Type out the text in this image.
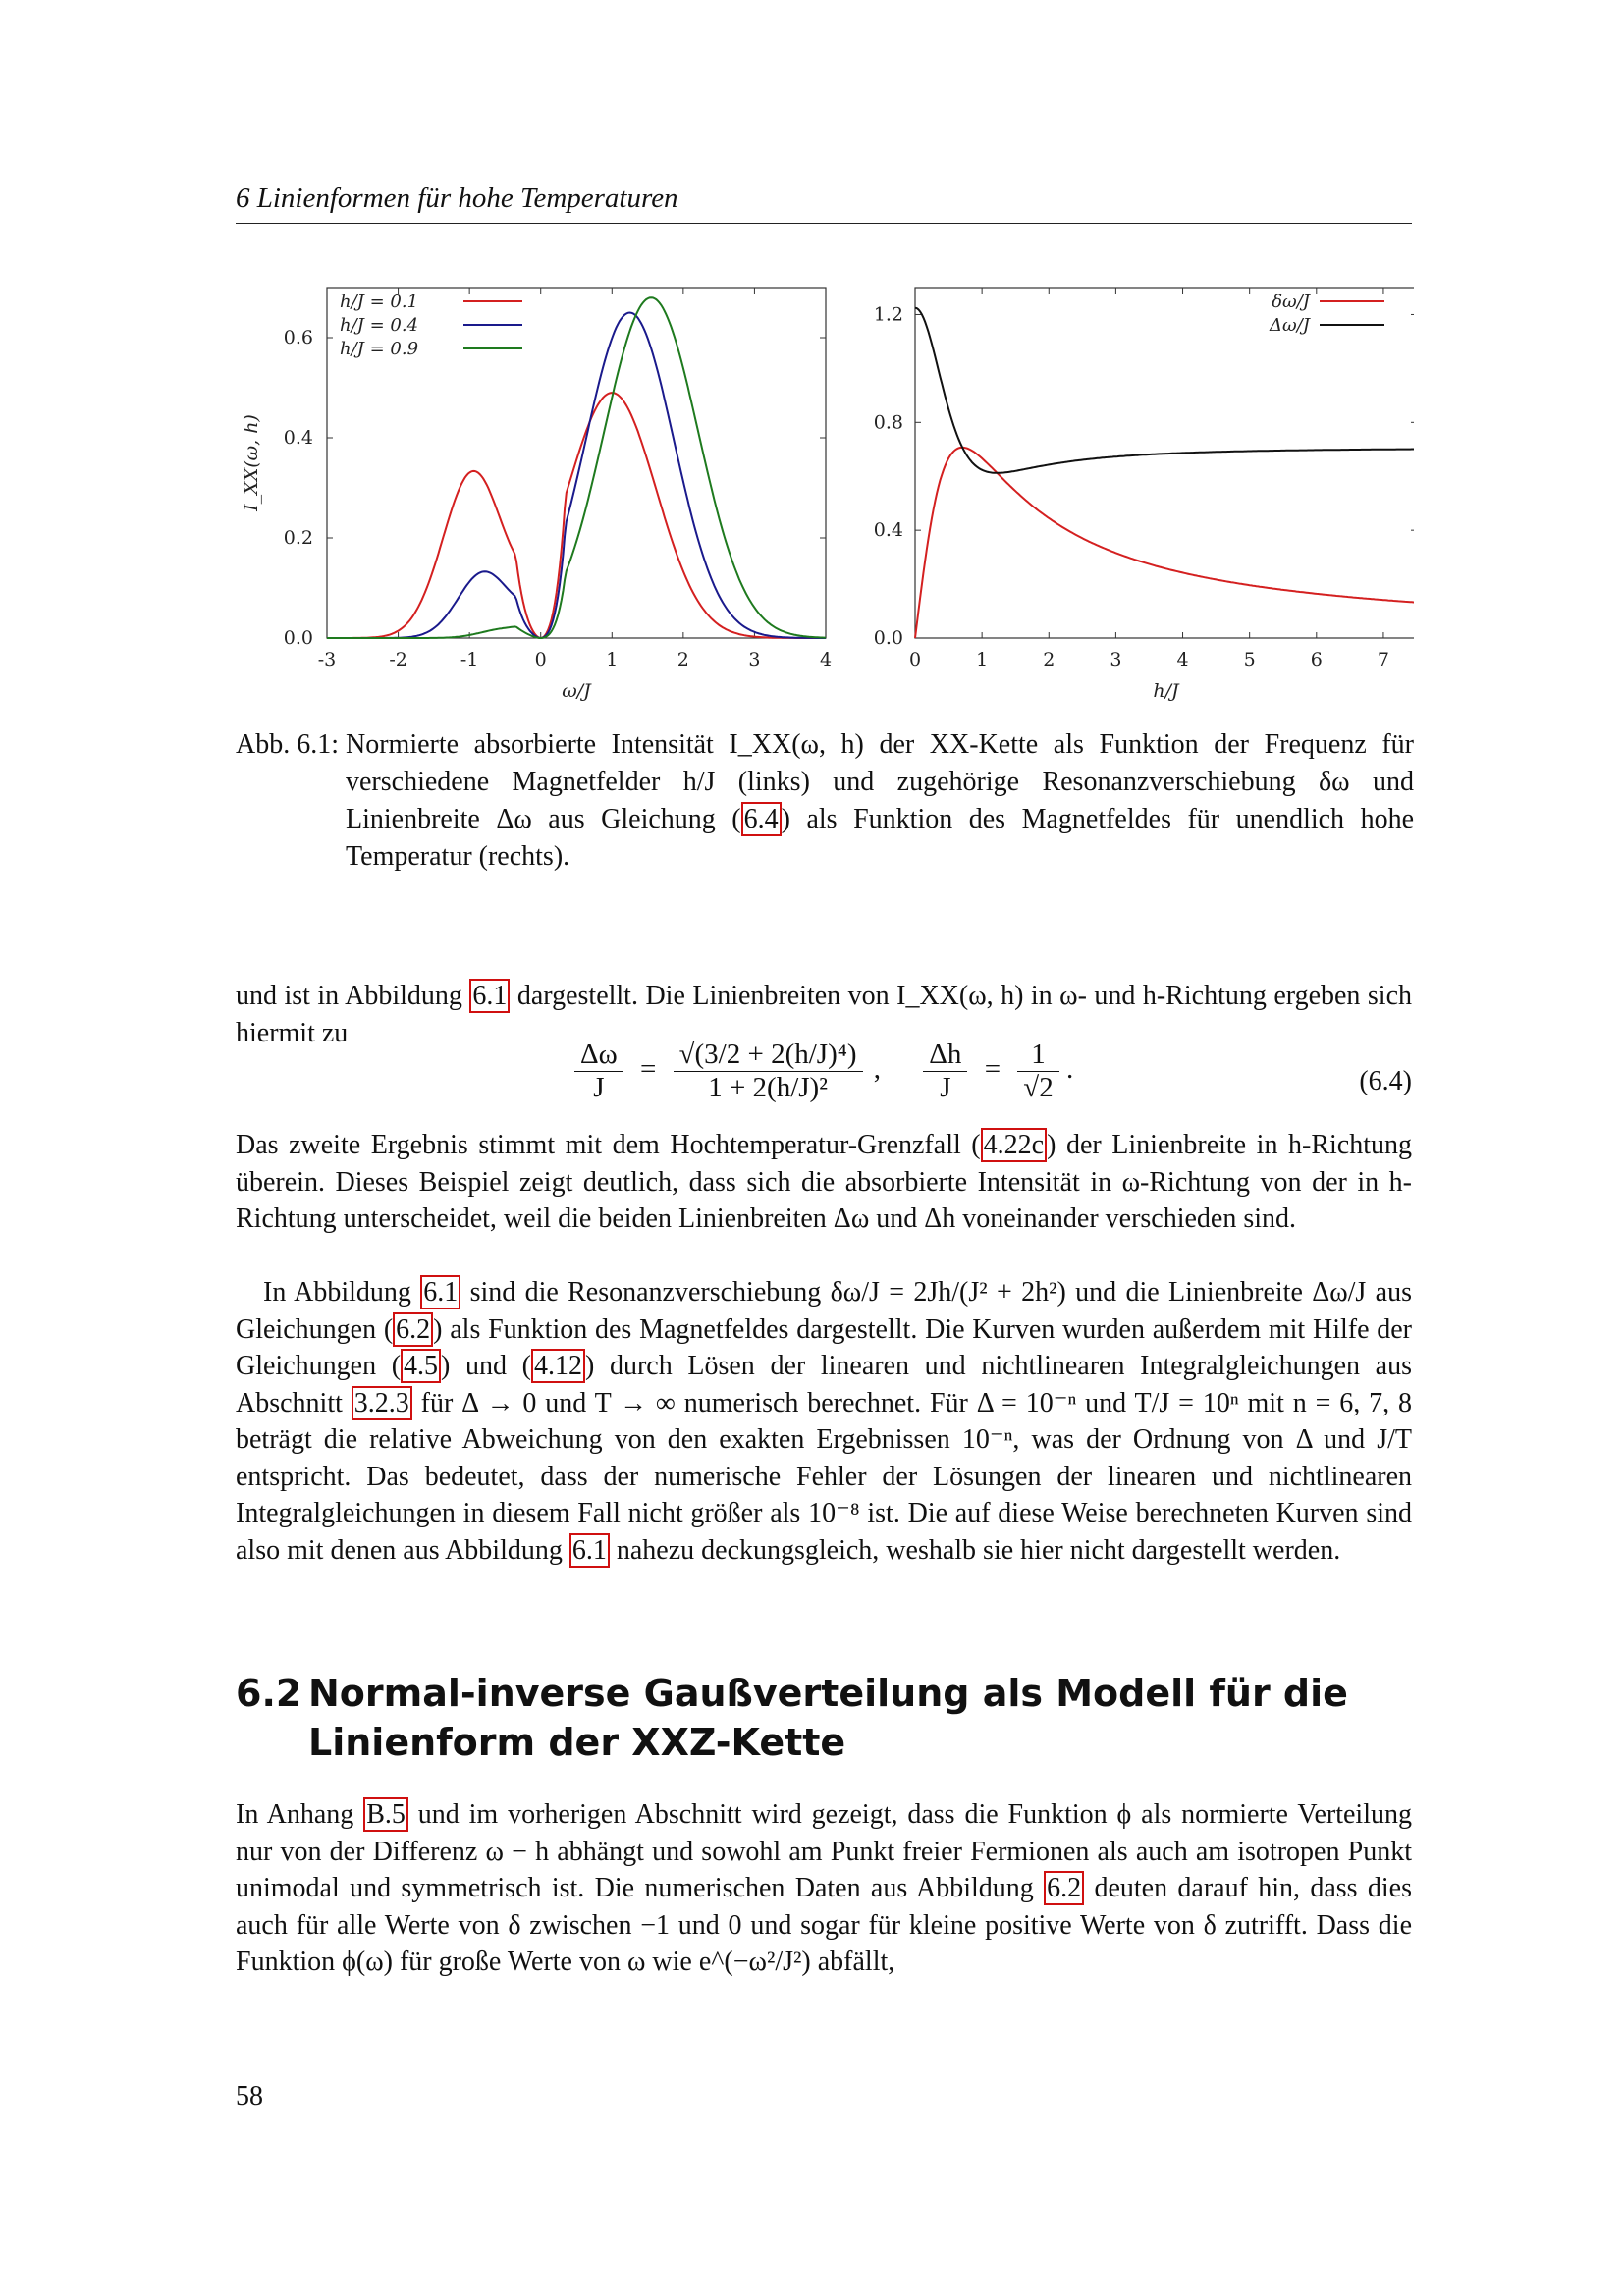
6 Linienformen für hohe Temperaturen
-3	-2	-1	0	1	2	3	4
0.0
0.2
0.4
0.6
ω/J
I_XX(ω, h)
h/J = 0.1
h/J = 0.4
h/J = 0.9
0	1	2	3	4	5	6	7
0.0
0.4
0.8
1.2
h/J
δω/J
Δω/J
Abb. 6.1: Normierte absorbierte Intensität I_XX(ω, h) der XX-Kette als Funktion der Frequenz für verschiedene Magnetfelder h/J (links) und zugehörige Resonanzverschiebung δω und Linienbreite Δω aus Gleichung ( 6.4 ) als Funktion des Magnetfeldes für unendlich hohe Temperatur (rechts).
und ist in Abbildung 6.1 dargestellt. Die Linienbreiten von I_XX(ω, h) in ω- und h-Richtung ergeben sich hiermit zu
$\frac{\Delta\omega}{J} = \frac{\text{√(3/2 + 2(h/J)⁴)}}{\text{1 + 2(h/J)²}}$ , $\frac{\Delta h}{J} = \frac{1}{√2}$ .	(6.4)
Das zweite Ergebnis stimmt mit dem Hochtemperatur-Grenzfall ( 4.22c ) der Linienbreite in h-Richtung überein. Dieses Beispiel zeigt deutlich, dass sich die absorbierte Intensität in ω-Richtung von der in h-Richtung unterscheidet, weil die beiden Linienbreiten Δω und Δh voneinander verschieden sind.
In Abbildung 6.1 sind die Resonanzverschiebung δω/J = 2Jh/(J² + 2h²) und die Linienbreite Δω/J aus Gleichungen ( 6.2 ) als Funktion des Magnetfeldes dargestellt. Die Kurven wurden außerdem mit Hilfe der Gleichungen ( 4.5 ) und ( 4.12 ) durch Lösen der linearen und nichtlinearen Integralgleichungen aus Abschnitt 3.2.3 für Δ → 0 und T → ∞ numerisch berechnet. Für Δ = 10⁻ⁿ und T/J = 10ⁿ mit n = 6, 7, 8 beträgt die relative Abweichung von den exakten Ergebnissen 10⁻ⁿ, was der Ordnung von Δ und J/T entspricht. Das bedeutet, dass der numerische Fehler der Lösungen der linearen und nichtlinearen Integralgleichungen in diesem Fall nicht größer als 10⁻⁸ ist. Die auf diese Weise berechneten Kurven sind also mit denen aus Abbildung 6.1 nahezu deckungsgleich, weshalb sie hier nicht dargestellt werden.
6.2 Normal-inverse Gaußverteilung als Modell für die Linienform der XXZ-Kette
In Anhang B.5 und im vorherigen Abschnitt wird gezeigt, dass die Funktion ϕ als normierte Verteilung nur von der Differenz ω − h abhängt und sowohl am Punkt freier Fermionen als auch am isotropen Punkt unimodal und symmetrisch ist. Die numerischen Daten aus Abbildung 6.2 deuten darauf hin, dass dies auch für alle Werte von δ zwischen −1 und 0 und sogar für kleine positive Werte von δ zutrifft. Dass die Funktion ϕ(ω) für große Werte von ω wie e^(−ω²/J²) abfällt,
58
